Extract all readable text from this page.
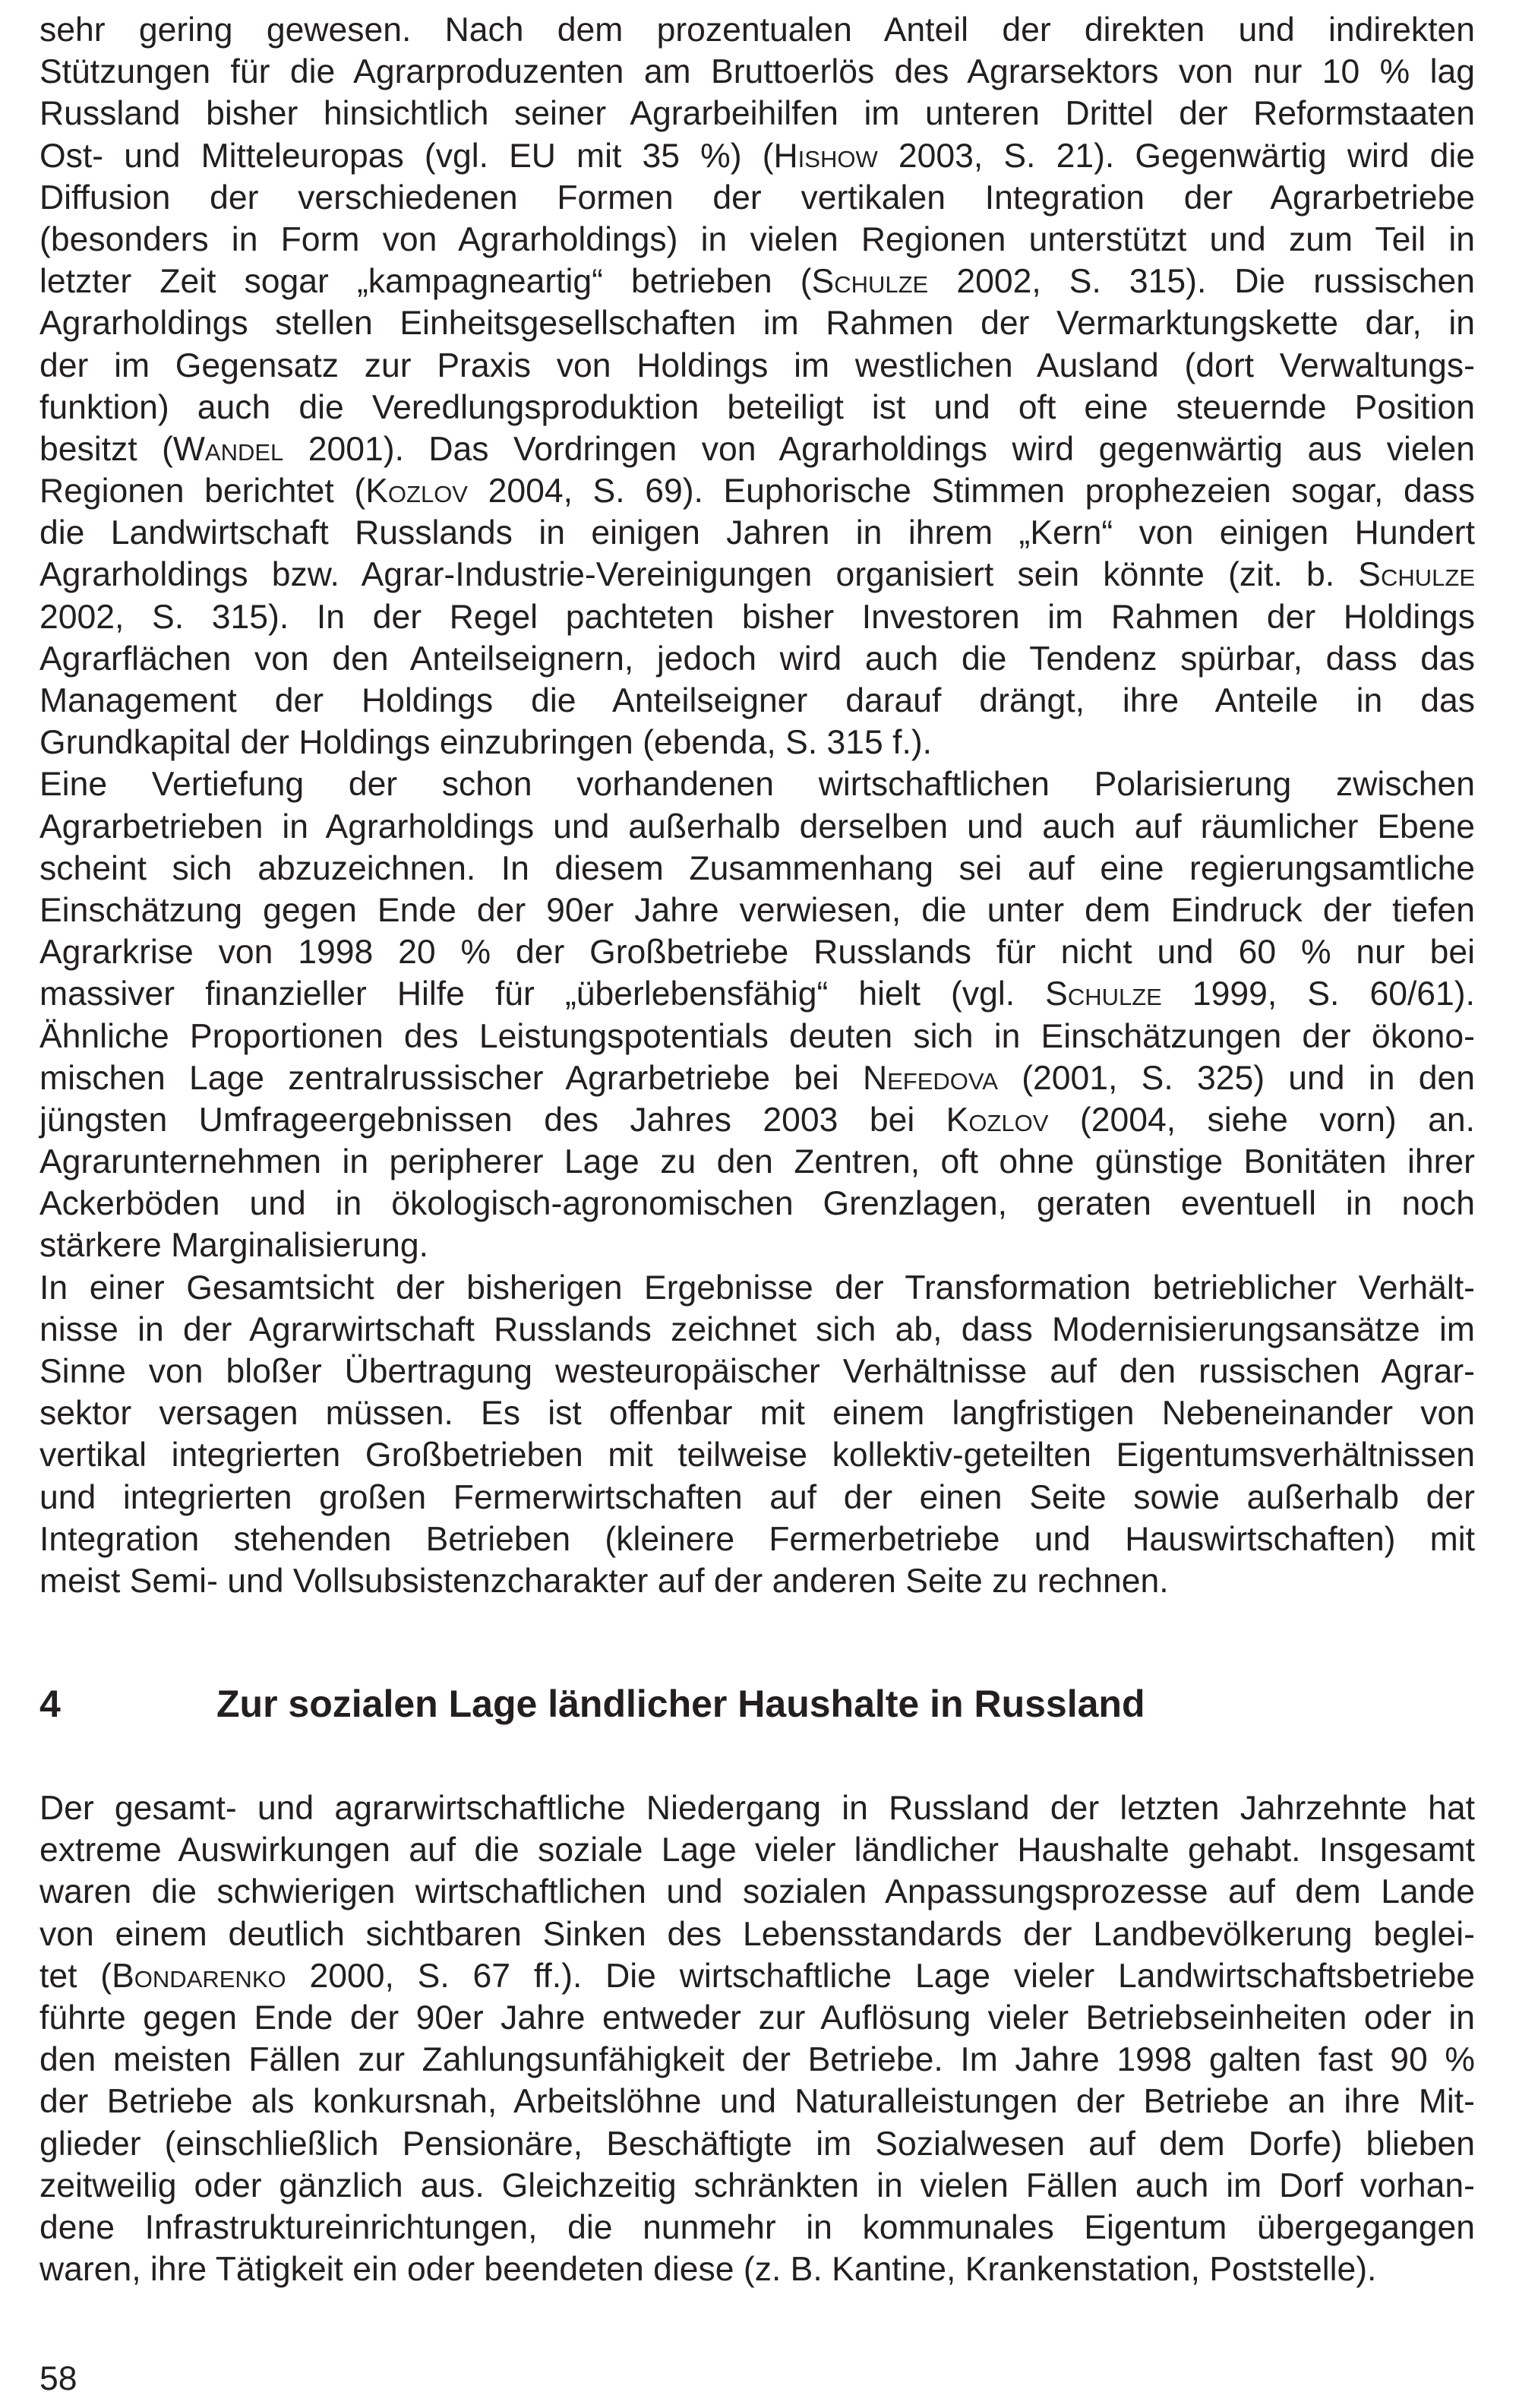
sehr gering gewesen. Nach dem prozentualen Anteil der direkten und indirekten
Stützungen für die Agrarproduzenten am Bruttoerlös des Agrarsektors von nur 10 % lag
Russland bisher hinsichtlich seiner Agrarbeihilfen im unteren Drittel der Reformstaaten
Ost- und Mitteleuropas (vgl. EU mit 35 %) (Hishow 2003, S. 21). Gegenwärtig wird die
Diffusion der verschiedenen Formen der vertikalen Integration der Agrarbetriebe
(besonders in Form von Agrarholdings) in vielen Regionen unterstützt und zum Teil in
letzter Zeit sogar „kampagneartig“ betrieben (Schulze 2002, S. 315). Die russischen
Agrarholdings stellen Einheitsgesellschaften im Rahmen der Vermarktungskette dar, in
der im Gegensatz zur Praxis von Holdings im westlichen Ausland (dort Verwaltungs-
funktion) auch die Veredlungsproduktion beteiligt ist und oft eine steuernde Position
besitzt (Wandel 2001). Das Vordringen von Agrarholdings wird gegenwärtig aus vielen
Regionen berichtet (Kozlov 2004, S. 69). Euphorische Stimmen prophezeien sogar, dass
die Landwirtschaft Russlands in einigen Jahren in ihrem „Kern“ von einigen Hundert
Agrarholdings bzw. Agrar-Industrie-Vereinigungen organisiert sein könnte (zit. b. Schulze
2002, S. 315). In der Regel pachteten bisher Investoren im Rahmen der Holdings
Agrarflächen von den Anteilseignern, jedoch wird auch die Tendenz spürbar, dass das
Management der Holdings die Anteilseigner darauf drängt, ihre Anteile in das
Grundkapital der Holdings einzubringen (ebenda, S. 315 f.).
Eine Vertiefung der schon vorhandenen wirtschaftlichen Polarisierung zwischen
Agrarbetrieben in Agrarholdings und außerhalb derselben und auch auf räumlicher Ebene
scheint sich abzuzeichnen. In diesem Zusammenhang sei auf eine regierungsamtliche
Einschätzung gegen Ende der 90er Jahre verwiesen, die unter dem Eindruck der tiefen
Agrarkrise von 1998 20 % der Großbetriebe Russlands für nicht und 60 % nur bei
massiver finanzieller Hilfe für „überlebensfähig“ hielt (vgl. Schulze 1999, S. 60/61).
Ähnliche Proportionen des Leistungspotentials deuten sich in Einschätzungen der ökono-
mischen Lage zentralrussischer Agrarbetriebe bei Nefedova (2001, S. 325) und in den
jüngsten Umfrageergebnissen des Jahres 2003 bei Kozlov (2004, siehe vorn) an.
Agrarunternehmen in peripherer Lage zu den Zentren, oft ohne günstige Bonitäten ihrer
Ackerböden und in ökologisch-agronomischen Grenzlagen, geraten eventuell in noch
stärkere Marginalisierung.
In einer Gesamtsicht der bisherigen Ergebnisse der Transformation betrieblicher Verhält-
nisse in der Agrarwirtschaft Russlands zeichnet sich ab, dass Modernisierungsansätze im
Sinne von bloßer Übertragung westeuropäischer Verhältnisse auf den russischen Agrar-
sektor versagen müssen. Es ist offenbar mit einem langfristigen Nebeneinander von
vertikal integrierten Großbetrieben mit teilweise kollektiv-geteilten Eigentumsverhältnissen
und integrierten großen Fermerwirtschaften auf der einen Seite sowie außerhalb der
Integration stehenden Betrieben (kleinere Fermerbetriebe und Hauswirtschaften) mit
meist Semi- und Vollsubsistenzcharakter auf der anderen Seite zu rechnen.
4	Zur sozialen Lage ländlicher Haushalte in Russland
Der gesamt- und agrarwirtschaftliche Niedergang in Russland der letzten Jahrzehnte hat
extreme Auswirkungen auf die soziale Lage vieler ländlicher Haushalte gehabt. Insgesamt
waren die schwierigen wirtschaftlichen und sozialen Anpassungsprozesse auf dem Lande
von einem deutlich sichtbaren Sinken des Lebensstandards der Landbevölkerung beglei-
tet (Bondarenko 2000, S. 67 ff.). Die wirtschaftliche Lage vieler Landwirtschaftsbetriebe
führte gegen Ende der 90er Jahre entweder zur Auflösung vieler Betriebseinheiten oder in
den meisten Fällen zur Zahlungsunfähigkeit der Betriebe. Im Jahre 1998 galten fast 90 %
der Betriebe als konkursnah, Arbeitslöhne und Naturalleistungen der Betriebe an ihre Mit-
glieder (einschließlich Pensionäre, Beschäftigte im Sozialwesen auf dem Dorfe) blieben
zeitweilig oder gänzlich aus. Gleichzeitig schränkten in vielen Fällen auch im Dorf vorhan-
dene Infrastruktureinrichtungen, die nunmehr in kommunales Eigentum übergegangen
waren, ihre Tätigkeit ein oder beendeten diese (z. B. Kantine, Krankenstation, Poststelle).
58
